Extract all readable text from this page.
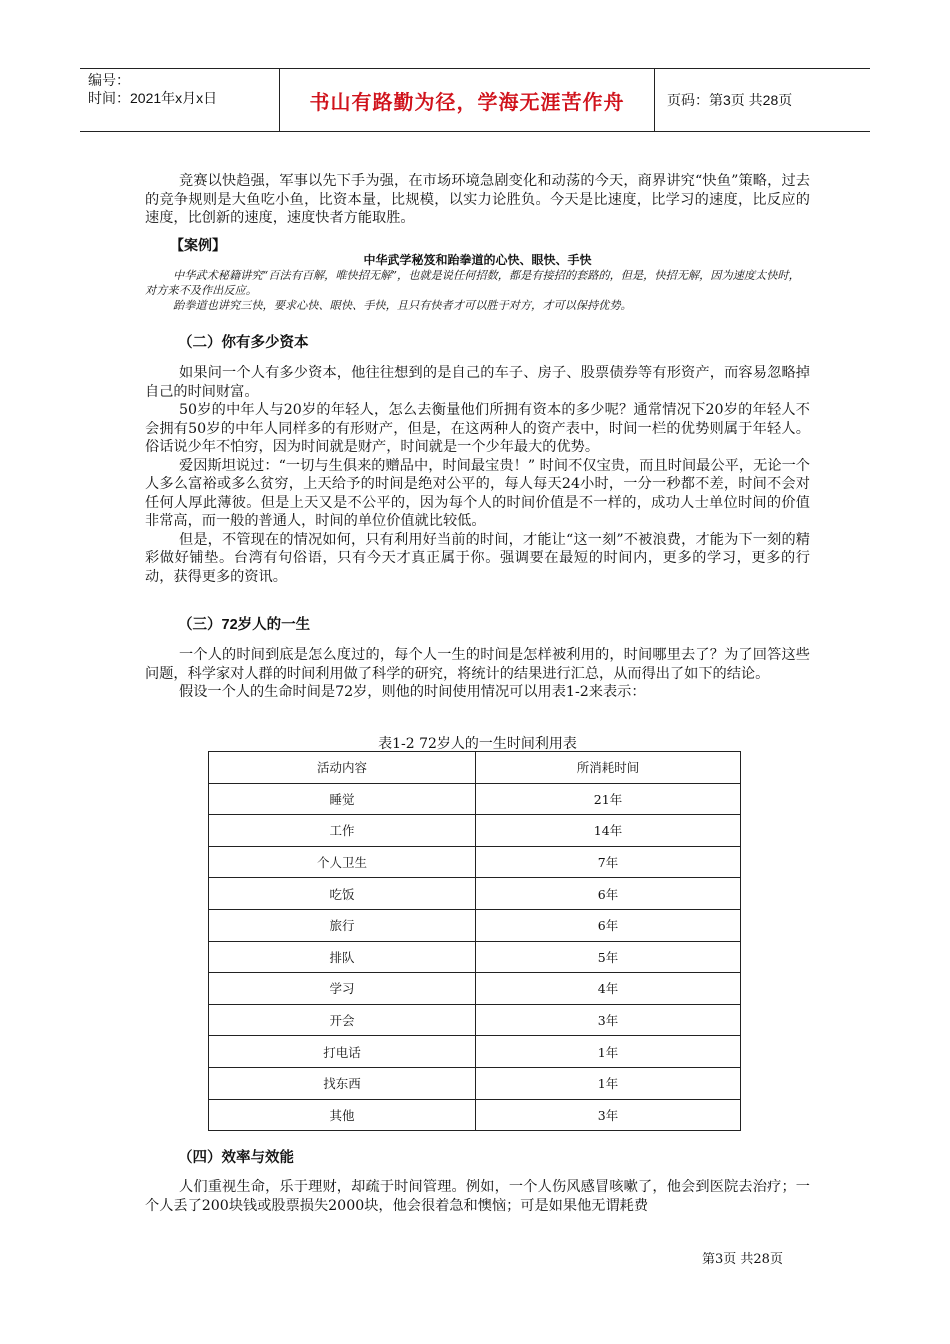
编号：
时间：2021年x月x日	书山有路勤为径，学海无涯苦作舟	页码：第3页 共28页

竞赛以快趋强，军事以先下手为强，在市场环境急剧变化和动荡的今天，商界讲究“快鱼”策略，过去的竞争规则是大鱼吃小鱼，比资本量，比规模，以实力论胜负。今天是比速度，比学习的速度，比反应的速度，比创新的速度，速度快者方能取胜。

【案例】
中华武学秘笈和跆拳道的心快、眼快、手快

中华武术秘籍讲究“百法有百解，唯快招无解”，也就是说任何招数，都是有接招的套路的，但是，快招无解，因为速度太快时，对方来不及作出反应。

跆拳道也讲究三快，要求心快、眼快、手快，且只有快者才可以胜于对方，才可以保持优势。

（二）你有多少资本

如果问一个人有多少资本，他往往想到的是自己的车子、房子、股票债券等有形资产，而容易忽略掉自己的时间财富。

50岁的中年人与20岁的年轻人，怎么去衡量他们所拥有资本的多少呢？通常情况下20岁的年轻人不会拥有50岁的中年人同样多的有形财产，但是，在这两种人的资产表中，时间一栏的优势则属于年轻人。俗话说少年不怕穷，因为时间就是财产，时间就是一个少年最大的优势。

爱因斯坦说过：“一切与生俱来的赠品中，时间最宝贵！” 时间不仅宝贵，而且时间最公平，无论一个人多么富裕或多么贫穷，上天给予的时间是绝对公平的，每人每天24小时，一分一秒都不差，时间不会对任何人厚此薄彼。但是上天又是不公平的，因为每个人的时间价值是不一样的，成功人士单位时间的价值非常高，而一般的普通人，时间的单位价值就比较低。

但是，不管现在的情况如何，只有利用好当前的时间，才能让“这一刻”不被浪费，才能为下一刻的精彩做好铺垫。台湾有句俗语，只有今天才真正属于你。强调要在最短的时间内，更多的学习，更多的行动，获得更多的资讯。

（三）72岁人的一生

一个人的时间到底是怎么度过的，每个人一生的时间是怎样被利用的，时间哪里去了？为了回答这些问题，科学家对人群的时间利用做了科学的研究，将统计的结果进行汇总，从而得出了如下的结论。

假设一个人的生命时间是72岁，则他的时间使用情况可以用表1-2来表示：

表1-2 72岁人的一生时间利用表
活动内容	所消耗时间
睡觉	21年
工作	14年
个人卫生	7年
吃饭	6年
旅行	6年
排队	5年
学习	4年
开会	3年
打电话	1年
找东西	1年
其他	3年
（四）效率与效能

人们重视生命，乐于理财，却疏于时间管理。例如，一个人伤风感冒咳嗽了，他会到医院去治疗；一个人丢了200块钱或股票损失2000块，他会很着急和懊恼；可是如果他无谓耗费

第3页 共28页
